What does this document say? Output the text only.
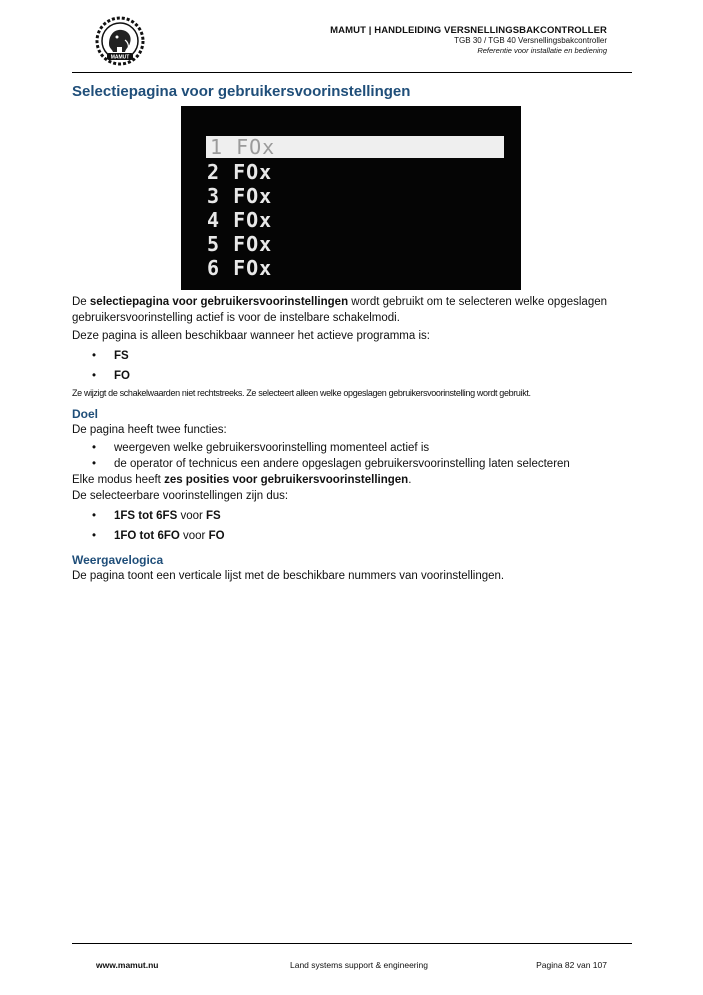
MAMUT
MAMUT | HANDLEIDING VERSNELLINGSBAKCONTROLLER
TGB 30 / TGB 40 Versnellingsbakcontroller
Referentie voor installatie en bediening
Selectiepagina voor gebruikersvoorinstellingen
1 FOx
2 FOx
3 FOx
4 FOx
5 FOx
6 FOx

De selectiepagina voor gebruikersvoorinstellingen wordt gebruikt om te selecteren welke opgeslagen gebruikersvoorinstelling actief is voor de instelbare schakelmodi.

Deze pagina is alleen beschikbaar wanneer het actieve programma is:

• FS
• FO

Ze wijzigt de schakelwaarden niet rechtstreeks. Ze selecteert alleen welke opgeslagen gebruikersvoorinstelling wordt gebruikt.

Doel

De pagina heeft twee functies:

• weergeven welke gebruikersvoorinstelling momenteel actief is
• de operator of technicus een andere opgeslagen gebruikersvoorinstelling laten selecteren

Elke modus heeft zes posities voor gebruikersvoorinstellingen.

De selecteerbare voorinstellingen zijn dus:

• 1FS tot 6FS voor FS
• 1FO tot 6FO voor FO
Weergavelogica

De pagina toont een verticale lijst met de beschikbare nummers van voorinstellingen.

www.mamut.nu	Land systems support & engineering	Pagina 82 van 107
